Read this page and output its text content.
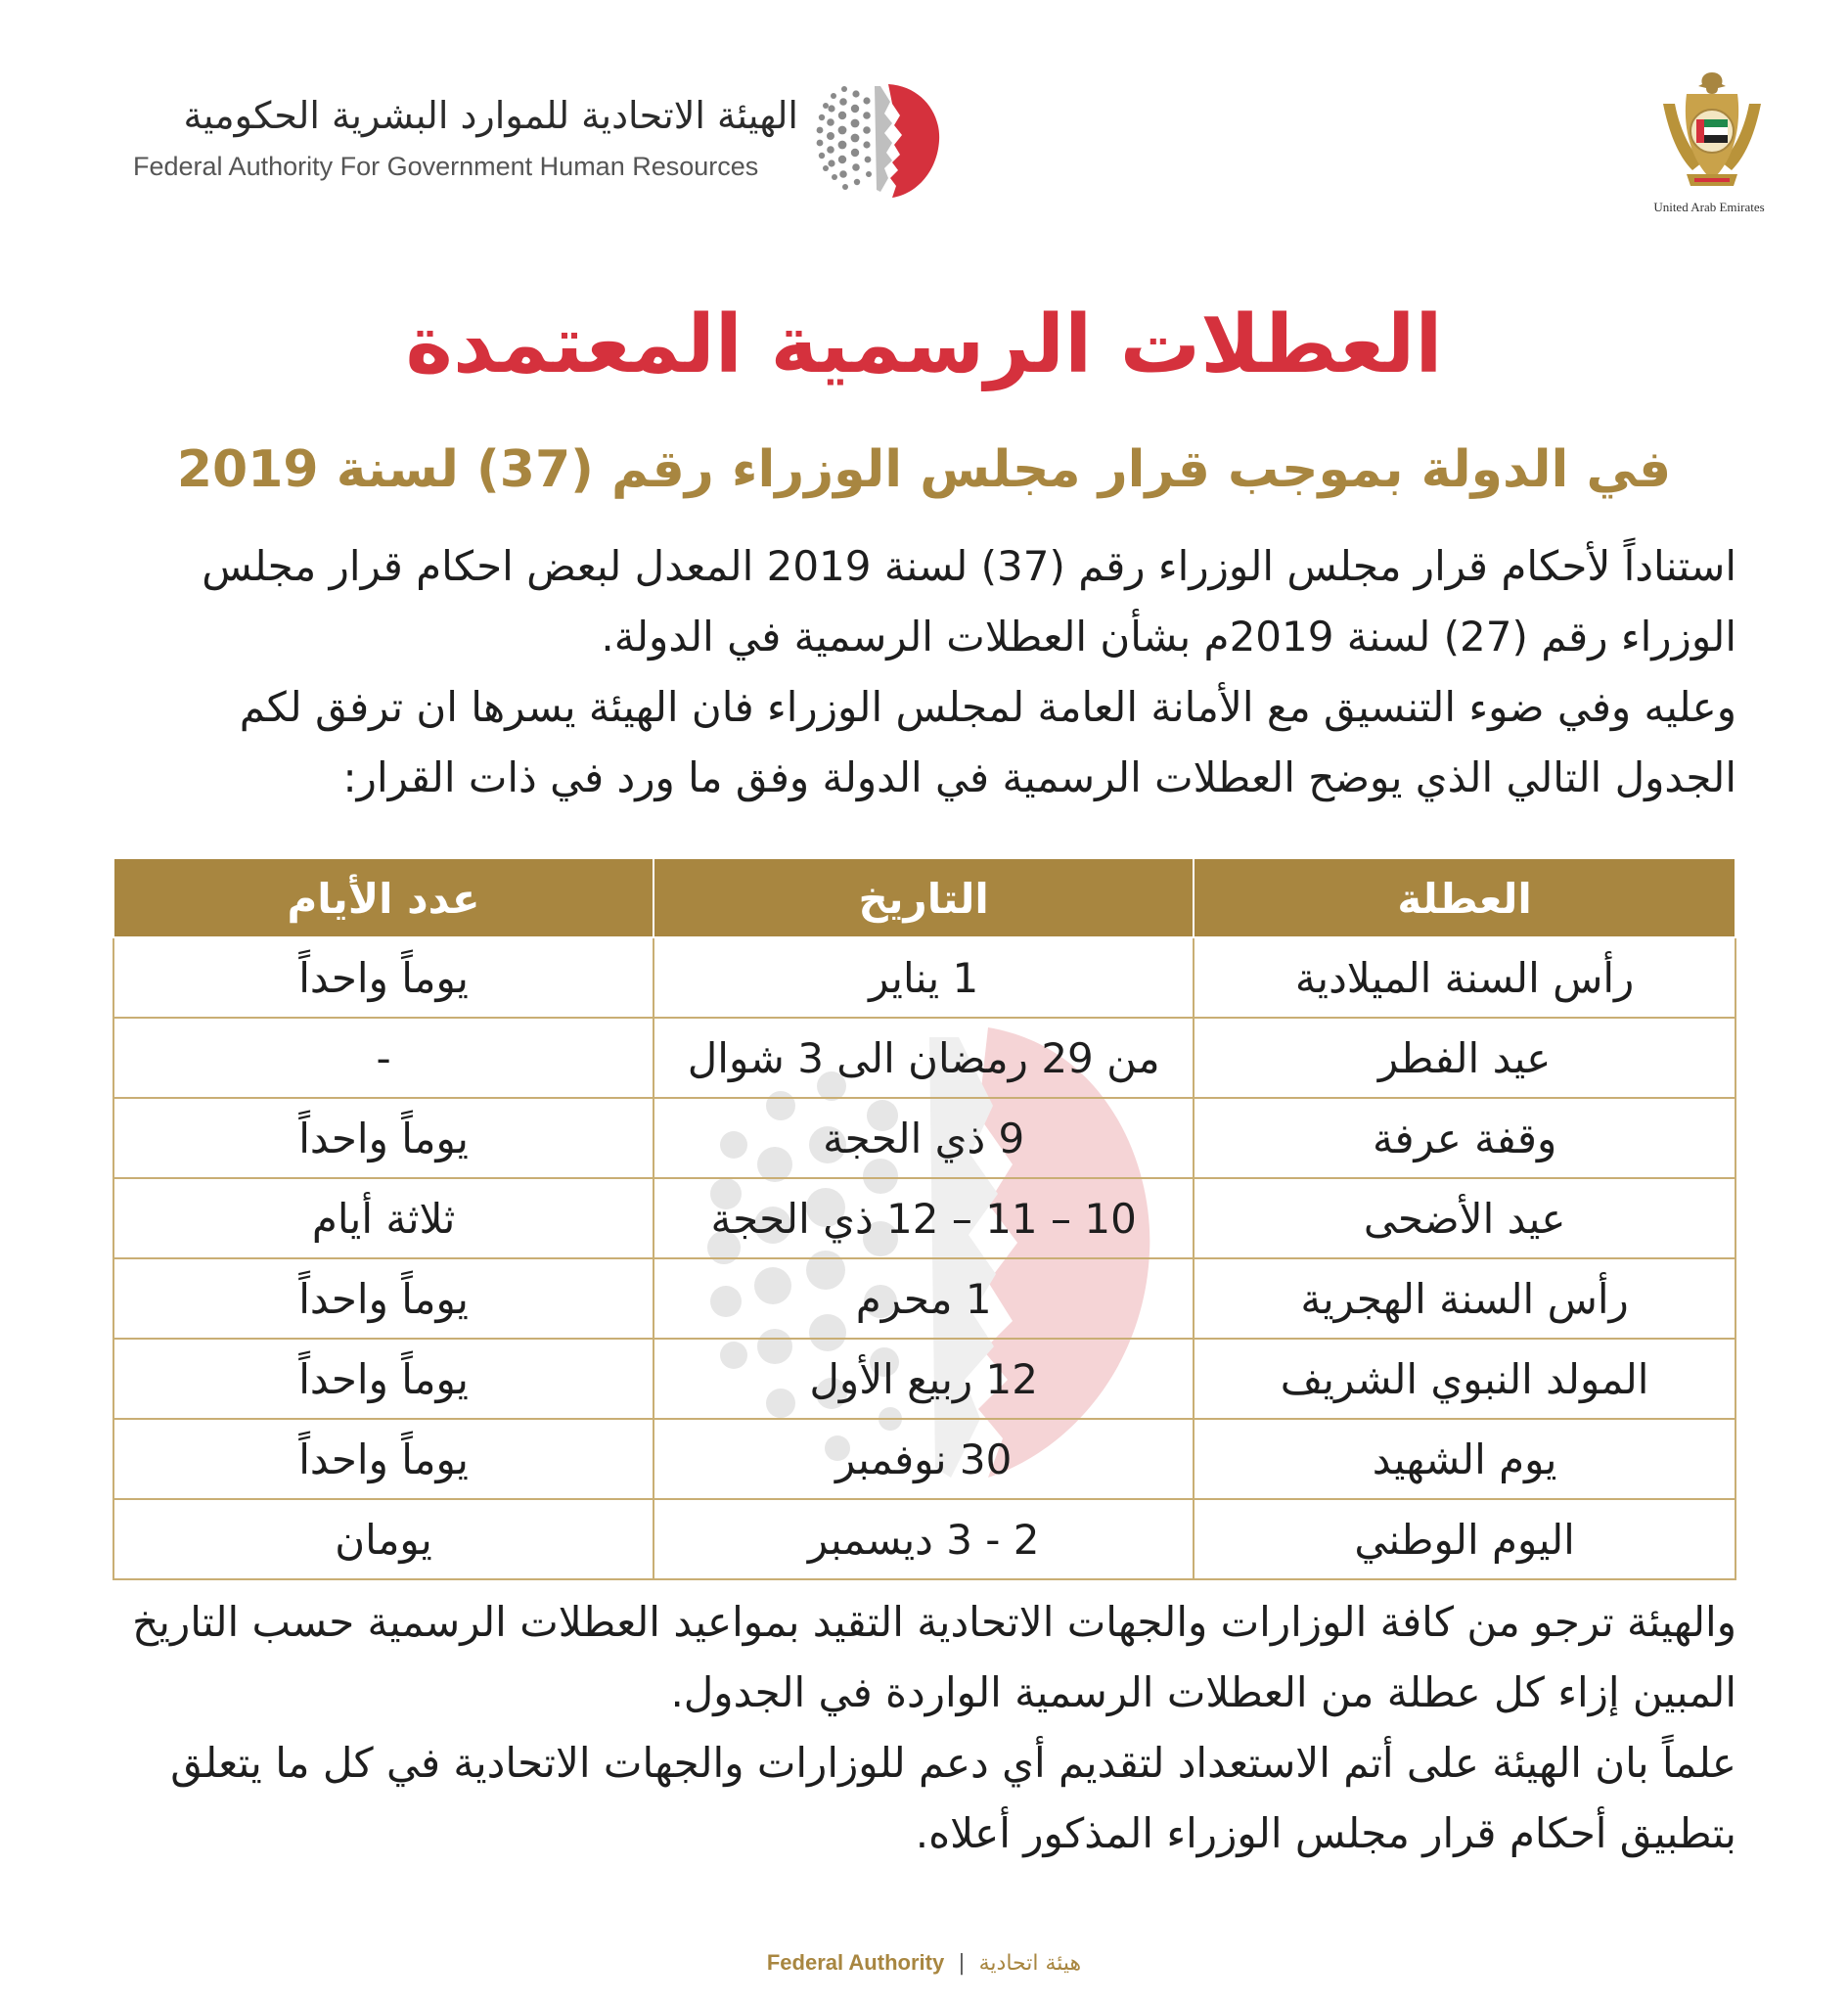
الهيئة الاتحادية للموارد البشرية الحكومية
Federal Authority For Government Human Resources
United Arab Emirates
العطلات الرسمية المعتمدة
في الدولة بموجب قرار مجلس الوزراء رقم (37) لسنة 2019

استناداً لأحكام قرار مجلس الوزراء رقم (37) لسنة 2019 المعدل لبعض احكام قرار مجلس الوزراء رقم (27) لسنة 2019م بشأن العطلات الرسمية في الدولة.

وعليه وفي ضوء التنسيق مع الأمانة العامة لمجلس الوزراء فان الهيئة يسرها ان ترفق لكم الجدول التالي الذي يوضح العطلات الرسمية في الدولة وفق ما ورد في ذات القرار:

العطلة	التاريخ	عدد الأيام
رأس السنة الميلادية	1 يناير	يوماً واحداً
عيد الفطر	من 29 رمضان الى 3 شوال	-
وقفة عرفة	9 ذي الحجة	يوماً واحداً
عيد الأضحى	10 – 11 – 12 ذي الحجة	ثلاثة أيام
رأس السنة الهجرية	1 محرم	يوماً واحداً
المولد النبوي الشريف	12 ربيع الأول	يوماً واحداً
يوم الشهيد	30 نوفمبر	يوماً واحداً
اليوم الوطني	2 - 3 ديسمبر	يومان

والهيئة ترجو من كافة الوزارات والجهات الاتحادية التقيد بمواعيد العطلات الرسمية حسب التاريخ المبين إزاء كل عطلة من العطلات الرسمية الواردة في الجدول.

علماً بان الهيئة على أتم الاستعداد لتقديم أي دعم للوزارات والجهات الاتحادية في كل ما يتعلق بتطبيق أحكام قرار مجلس الوزراء المذكور أعلاه.

Federal Authority | هيئة اتحادية
